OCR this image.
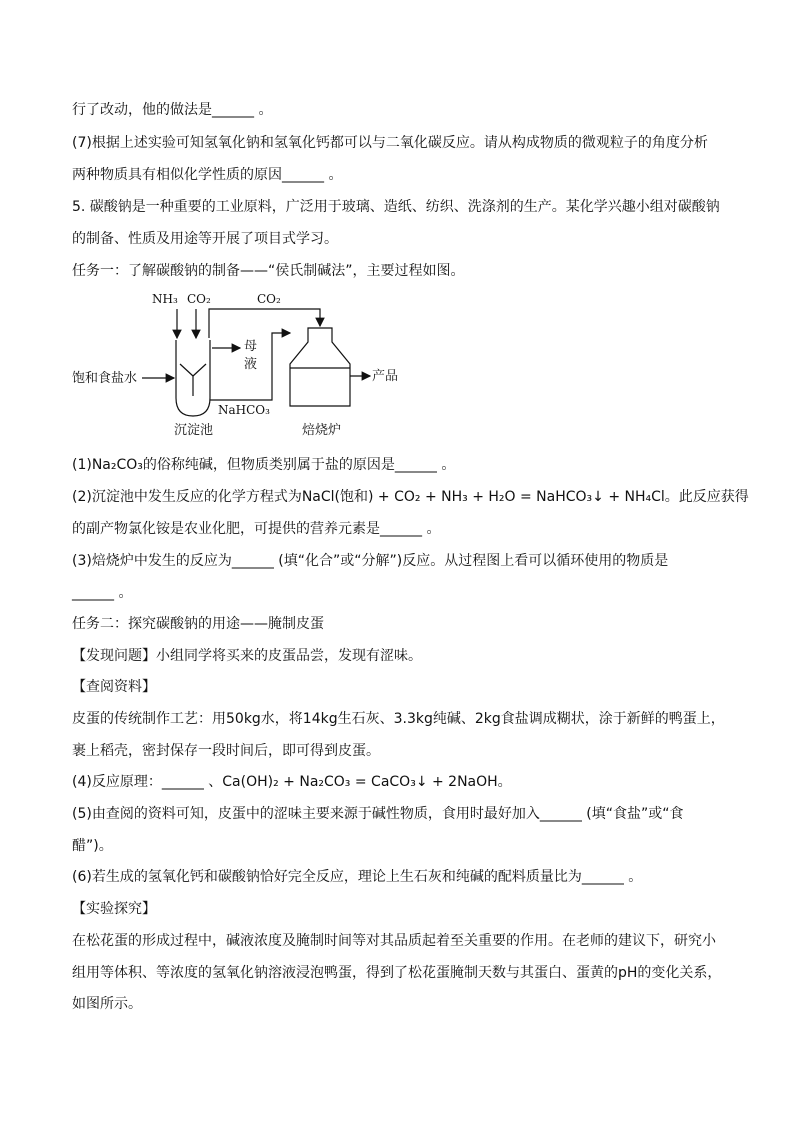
行了改动，他的做法是______ 。
(7)根据上述实验可知氢氧化钠和氢氧化钙都可以与二氧化碳反应。请从构成物质的微观粒子的角度分析
两种物质具有相似化学性质的原因______ 。
5. 碳酸钠是一种重要的工业原料，广泛用于玻璃、造纸、纺织、洗涤剂的生产。某化学兴趣小组对碳酸钠
的制备、性质及用途等开展了项目式学习。
任务一：了解碳酸钠的制备——“侯氏制碱法”，主要过程如图。
NH₃ CO₂	CO₂
饱和食盐水
母
液
NaHCO₃
沉淀池	焙烧炉
产品
(1)Na₂CO₃的俗称纯碱，但物质类别属于盐的原因是______ 。
(2)沉淀池中发生反应的化学方程式为NaCl(饱和) + CO₂ + NH₃ + H₂O = NaHCO₃↓ + NH₄Cl。此反应获得
的副产物氯化铵是农业化肥，可提供的营养元素是______ 。
(3)焙烧炉中发生的反应为______ (填“化合”或“分解”)反应。从过程图上看可以循环使用的物质是
______ 。
任务二：探究碳酸钠的用途——腌制皮蛋
【发现问题】小组同学将买来的皮蛋品尝，发现有涩味。
【查阅资料】
皮蛋的传统制作工艺：用50kg水，将14kg生石灰、3.3kg纯碱、2kg食盐调成糊状，涂于新鲜的鸭蛋上，
裹上稻壳，密封保存一段时间后，即可得到皮蛋。
(4)反应原理：______ 、Ca(OH)₂ + Na₂CO₃ = CaCO₃↓ + 2NaOH。
(5)由查阅的资料可知，皮蛋中的涩味主要来源于碱性物质，食用时最好加入______ (填“食盐”或“食
醋”)。
(6)若生成的氢氧化钙和碳酸钠恰好完全反应，理论上生石灰和纯碱的配料质量比为______ 。
【实验探究】
在松花蛋的形成过程中，碱液浓度及腌制时间等对其品质起着至关重要的作用。在老师的建议下，研究小
组用等体积、等浓度的氢氧化钠溶液浸泡鸭蛋，得到了松花蛋腌制天数与其蛋白、蛋黄的pH的变化关系，
如图所示。
